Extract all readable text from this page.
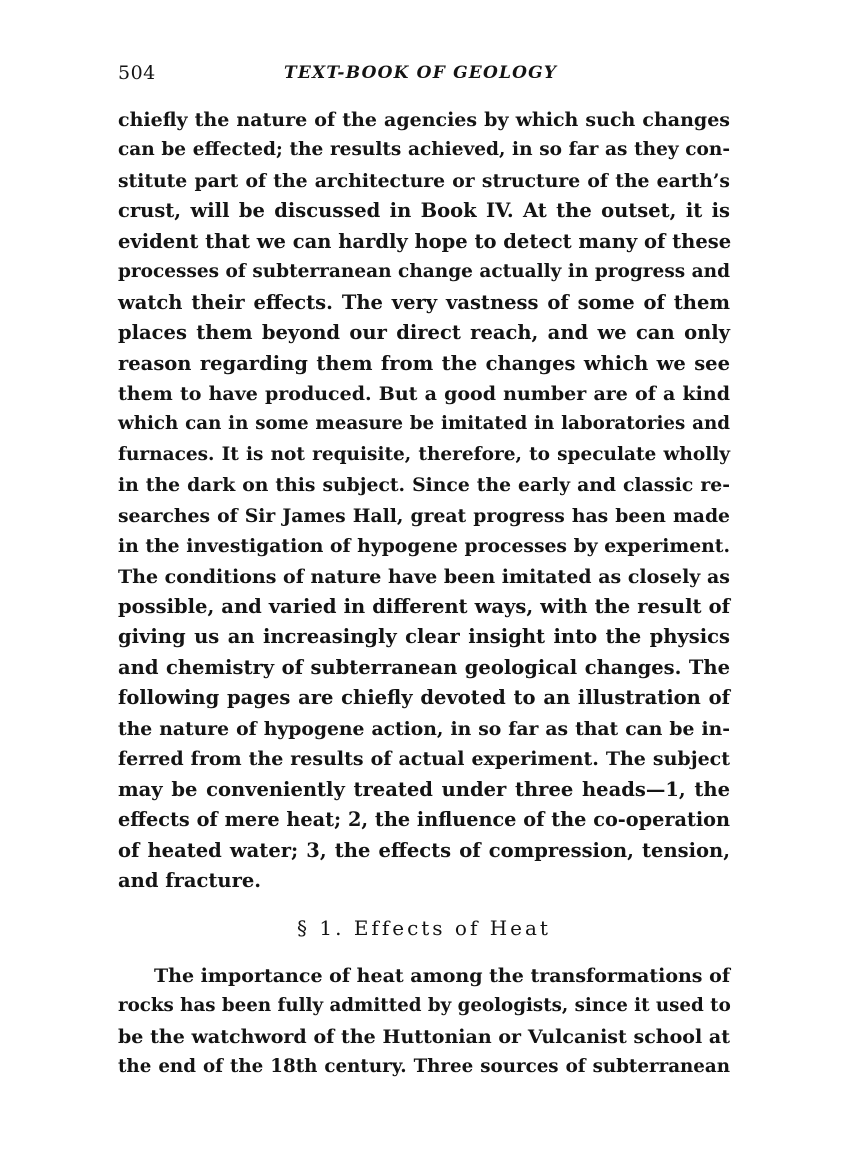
504	TEXT-BOOK OF GEOLOGY
chiefly the nature of the agencies by which such changes
can be effected; the results achieved, in so far as they con-
stitute part of the architecture or structure of the earth’s
crust, will be discussed in Book IV. At the outset, it is
evident that we can hardly hope to detect many of these
processes of subterranean change actually in progress and
watch their effects. The very vastness of some of them
places them beyond our direct reach, and we can only
reason regarding them from the changes which we see
them to have produced. But a good number are of a kind
which can in some measure be imitated in laboratories and
furnaces. It is not requisite, therefore, to speculate wholly
in the dark on this subject. Since the early and classic re-
searches of Sir James Hall, great progress has been made
in the investigation of hypogene processes by experiment.
The conditions of nature have been imitated as closely as
possible, and varied in different ways, with the result of
giving us an increasingly clear insight into the physics
and chemistry of subterranean geological changes. The
following pages are chiefly devoted to an illustration of
the nature of hypogene action, in so far as that can be in-
ferred from the results of actual experiment. The subject
may be conveniently treated under three heads—1, the
effects of mere heat; 2, the influence of the co-operation
of heated water; 3, the effects of compression, tension,
and fracture.
§ 1. Effects of Heat
The importance of heat among the transformations of
rocks has been fully admitted by geologists, since it used to
be the watchword of the Huttonian or Vulcanist school at
the end of the 18th century. Three sources of subterranean
